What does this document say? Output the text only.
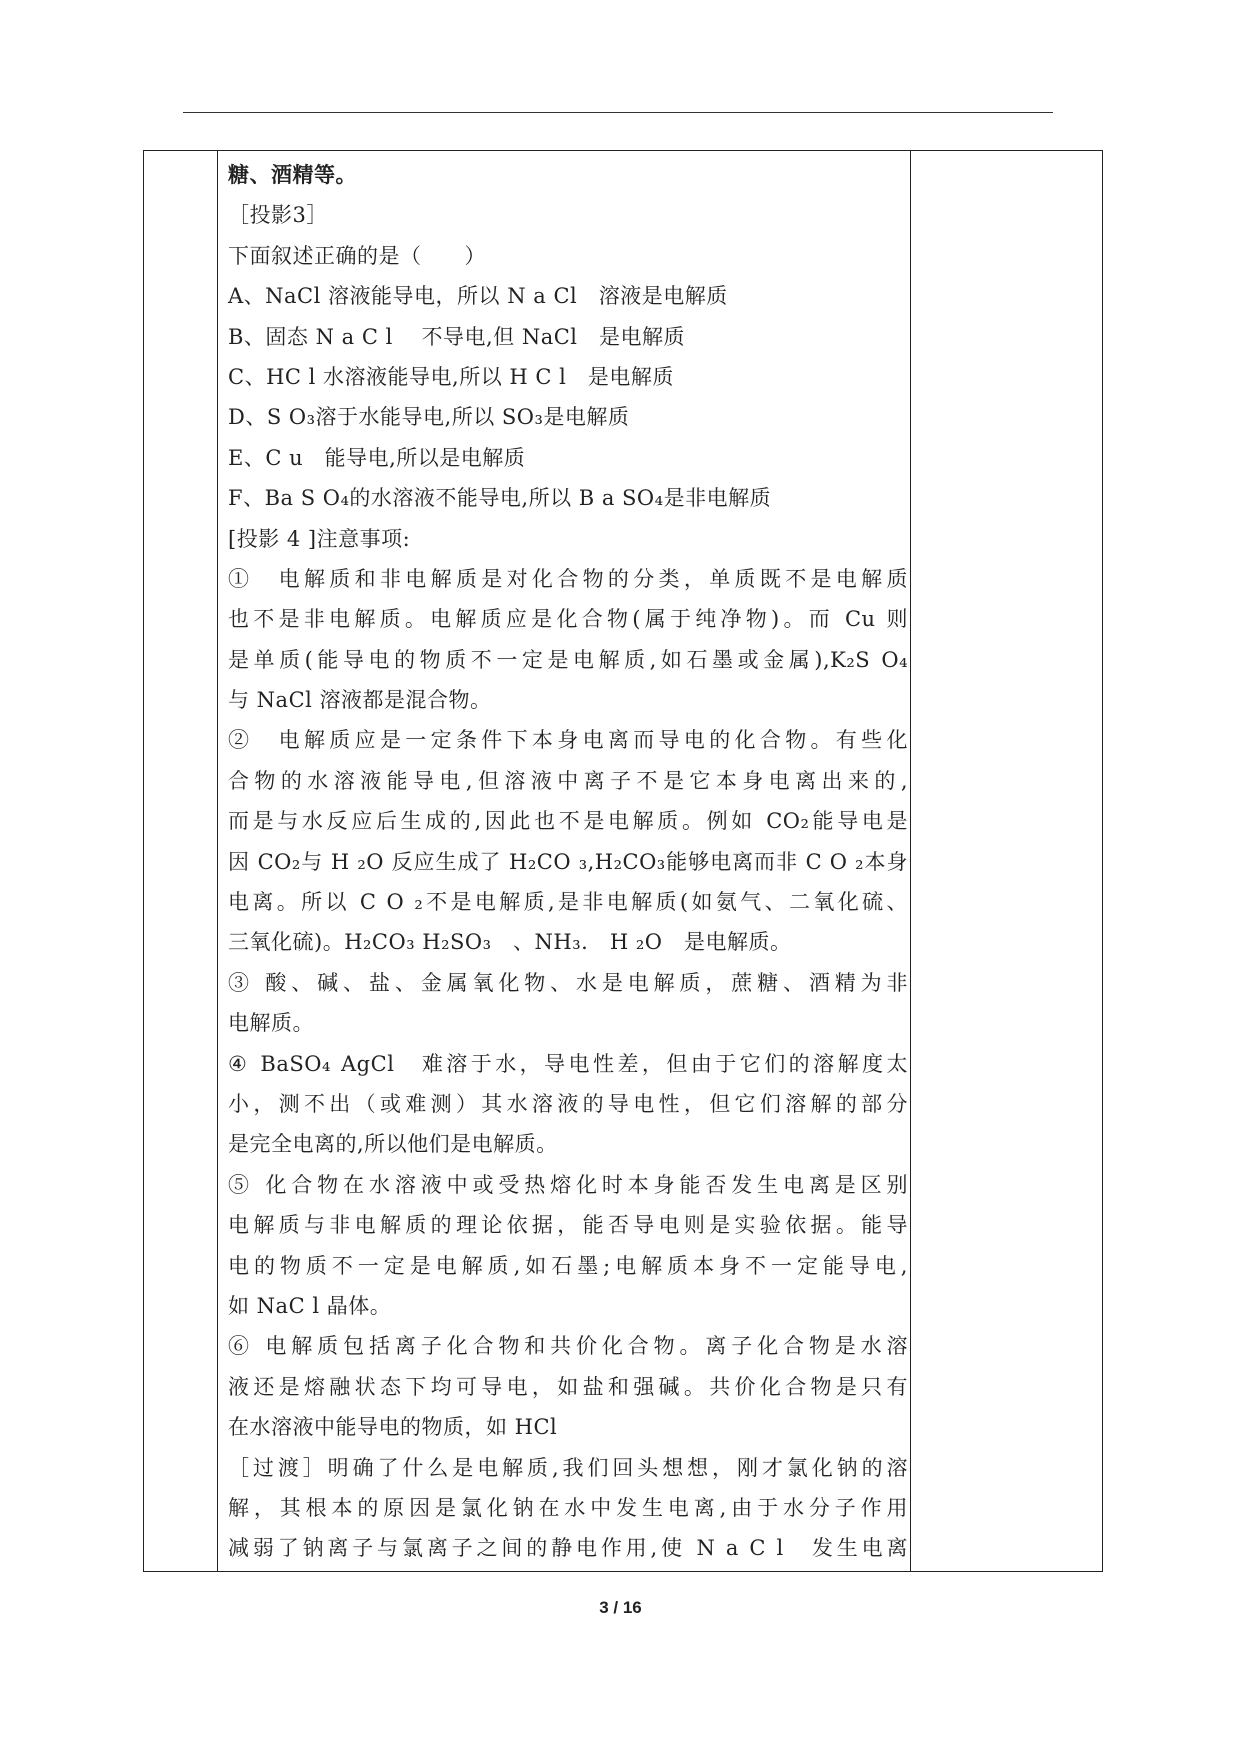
糖、酒精等。
［投影3］
下面叙述正确的是（　　）
A、NaCl 溶液能导电，所以 N a Cl　溶液是电解质
B、固态 N a C l　 不导电,但 NaCl　是电解质
C、HC l 水溶液能导电,所以 H C l　是电解质
D、S O₃溶于水能导电,所以 SO₃是电解质
E、C u　能导电,所以是电解质
F、Ba S O₄的水溶液不能导电,所以 B a SO₄是非电解质
[投影 4 ]注意事项:
①　电解质和非电解质是对化合物的分类，单质既不是电解质
也不是非电解质。电解质应是化合物(属于纯净物)。而 Cu 则
是单质(能导电的物质不一定是电解质,如石墨或金属),K₂S O₄
与 NaCl 溶液都是混合物。
②　电解质应是一定条件下本身电离而导电的化合物。有些化
合物的水溶液能导电,但溶液中离子不是它本身电离出来的,
而是与水反应后生成的,因此也不是电解质。例如 CO₂能导电是
因 CO₂与 H ₂O 反应生成了 H₂CO ₃,H₂CO₃能够电离而非 C O ₂本身
电离。所以 C O ₂不是电解质,是非电解质(如氨气、二氧化硫、
三氧化硫)。H₂CO₃ H₂SO₃　、NH₃.　H ₂O　是电解质。
③ 酸、碱、盐、金属氧化物、水是电解质，蔗糖、酒精为非
电解质。
④ BaSO₄ AgCl　难溶于水，导电性差，但由于它们的溶解度太
小，测不出（或难测）其水溶液的导电性，但它们溶解的部分
是完全电离的,所以他们是电解质。
⑤ 化合物在水溶液中或受热熔化时本身能否发生电离是区别
电解质与非电解质的理论依据，能否导电则是实验依据。能导
电的物质不一定是电解质,如石墨;电解质本身不一定能导电,
如 NaC l 晶体。
⑥ 电解质包括离子化合物和共价化合物。离子化合物是水溶
液还是熔融状态下均可导电，如盐和强碱。共价化合物是只有
在水溶液中能导电的物质，如 HCl
［过渡］明确了什么是电解质,我们回头想想，刚才氯化钠的溶
解，其根本的原因是氯化钠在水中发生电离,由于水分子作用
减弱了钠离子与氯离子之间的静电作用,使 N a C l　发生电离
3 / 16
